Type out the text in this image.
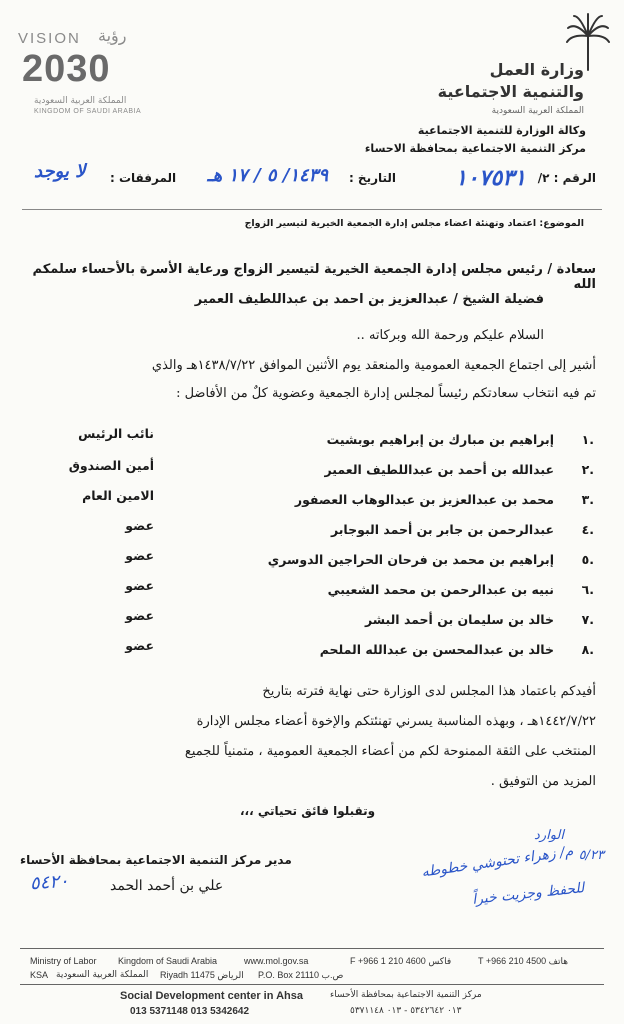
VISION رؤية
2030
المملكة العربية السعودية
KINGDOM OF SAUDI ARABIA
وزارة العمل
والتنمية الاجتماعية
المملكة العربية السعودية
وكالة الوزارة للتنمية الاجتماعية
مركز التنمية الاجتماعية بمحافظة الاحساء
الرقم : ٢/
١٠٧٥٣١
التاريخ :
١٤٣٩/ ٥ / ١٧ هـ
المرفقات :
لا يوجد
الموضوع: اعتماد وتهنئة اعضاء مجلس إدارة الجمعية الخيرية لتيسير الزواج
سعادة / رئيس مجلس إدارة الجمعية الخيرية لتيسير الزواج ورعاية الأسرة بالأحساء سلمكم الله
فضيلة الشيخ / عبدالعزيز بن احمد بن عبداللطيف العمير
السلام عليكم ورحمة الله وبركاته ..
أشير إلى اجتماع الجمعية العمومية والمنعقد يوم الأثنين الموافق ١٤٣٨/٧/٢٢هـ والذي
تم فيه انتخاب سعادتكم رئيساً لمجلس إدارة الجمعية وعضوية كلٌ من الأفاضل :
.١
إبراهيم بن مبارك بن إبراهيم بوبشيت
نائب الرئيس
.٢
عبدالله بن أحمد بن عبداللطيف العمير
أمين الصندوق
.٣
محمد بن عبدالعزيز بن عبدالوهاب العصفور
الامين العام
.٤
عبدالرحمن بن جابر بن أحمد البوجابر
عضو
.٥
إبراهيم بن محمد بن فرحان الحراجين الدوسري
عضو
.٦
نبيه بن عبدالرحمن بن محمد الشعيبي
عضو
.٧
خالد بن سليمان بن أحمد البشر
عضو
.٨
خالد بن عبدالمحسن بن عبدالله الملحم
عضو
أفيدكم باعتماد هذا المجلس لدى الوزارة حتى نهاية فترته بتاريخ
١٤٤٢/٧/٢٢هـ ، وبهذه المناسبة يسرني تهنئتكم والإخوة أعضاء مجلس الإدارة
المنتخب على الثقة الممنوحة لكم من أعضاء الجمعية العمومية ، متمنياً للجميع
المزيد من التوفيق .
وتقبلوا فائق تحياتي ،،،
مدير مركز التنمية الاجتماعية بمحافظة الأحساء
علي بن أحمد الحمد
٥٤٢٠
الوارد
م/ زهراء تحتوشي خطوطه
للحفظ وجزيت خيراً
٥/٢٣
Ministry of Labor Kingdom of Saudi Arabia	www.mol.gov.sa	F +966 1 210 4600 فاكس	T +966 210 4500 هاتف
KSA المملكة العربية السعودية Riyadh 11475 الرياض P.O. Box 21110 ص.ب
Social Development center in Ahsa	مركز التنمية الاجتماعية بمحافظة الأحساء
013 5371148 013 5342642	٠١٣ ٥٣٤٢٦٤٢ - ٠١٣ ٥٣٧١١٤٨
